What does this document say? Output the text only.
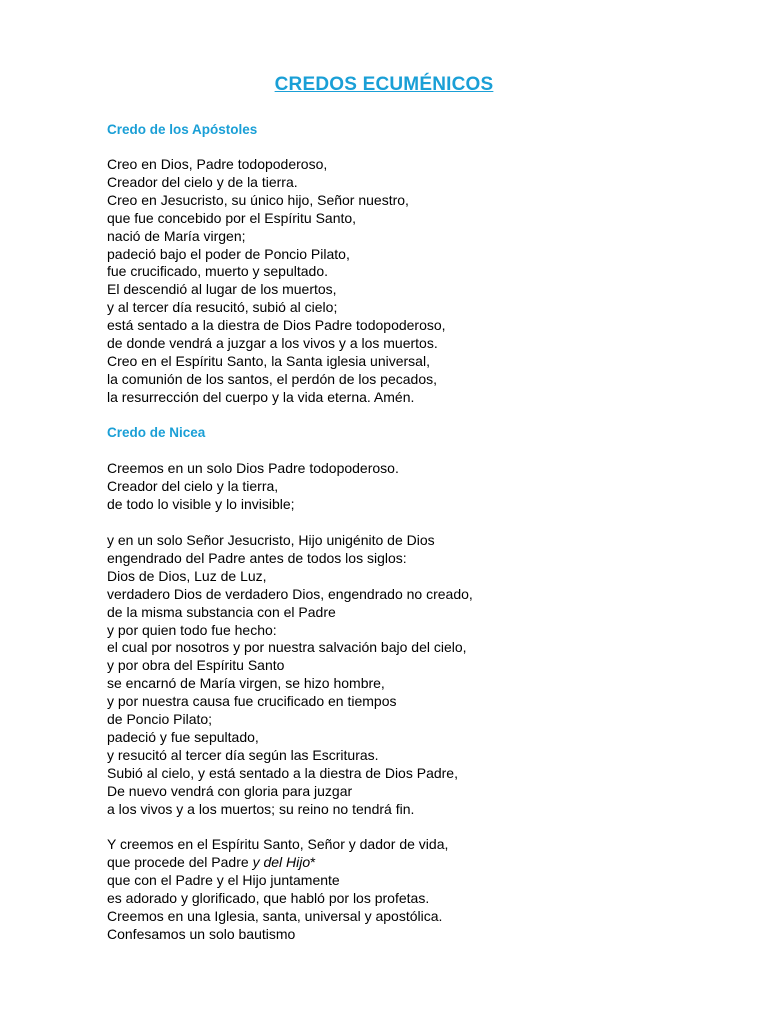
CREDOS ECUMÉNICOS
Credo de los Apóstoles
Creo en Dios, Padre todopoderoso,
Creador del cielo y de la tierra.
Creo en Jesucristo, su único hijo, Señor nuestro,
que fue concebido por el Espíritu Santo,
nació de María virgen;
padeció bajo el poder de Poncio Pilato,
fue crucificado, muerto y sepultado.
El descendió al lugar de los muertos,
y al tercer día resucitó, subió al cielo;
está sentado a la diestra de Dios Padre todopoderoso,
de donde vendrá a juzgar a los vivos y a los muertos.
Creo en el Espíritu Santo, la Santa iglesia universal,
la comunión de los santos, el perdón de los pecados,
la resurrección del cuerpo y la vida eterna. Amén.
Credo de Nicea
Creemos en un solo Dios Padre todopoderoso.
Creador del cielo y la tierra,
de todo lo visible y lo invisible;
y en un solo Señor Jesucristo, Hijo unigénito de Dios
engendrado del Padre antes de todos los siglos:
Dios de Dios, Luz de Luz,
verdadero Dios de verdadero Dios, engendrado no creado,
de la misma substancia con el Padre
y por quien todo fue hecho:
el cual por nosotros y por nuestra salvación bajo del cielo,
y por obra del Espíritu Santo
se encarnó de María virgen, se hizo hombre,
y por nuestra causa fue crucificado en tiempos
de Poncio Pilato;
padeció y fue sepultado,
y resucitó al tercer día según las Escrituras.
Subió al cielo, y está sentado a la diestra de Dios Padre,
De nuevo vendrá con gloria para juzgar
a los vivos y a los muertos; su reino no tendrá fin.
Y creemos en el Espíritu Santo, Señor y dador de vida,
que procede del Padre y del Hijo*
que con el Padre y el Hijo juntamente
es adorado y glorificado, que habló por los profetas.
Creemos en una Iglesia, santa, universal y apostólica.
Confesamos un solo bautismo
